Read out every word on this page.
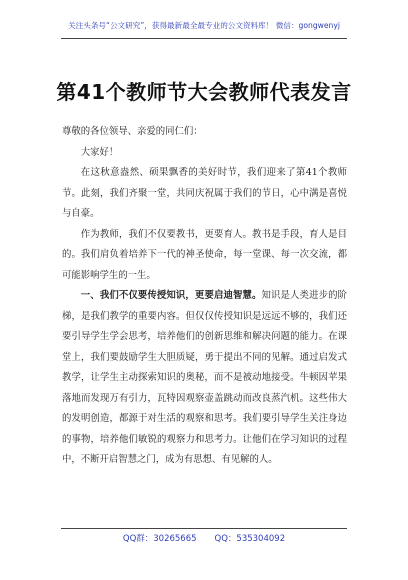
关注头条号“公文研究”，获得最新最全最专业的公文资料库！ 微信：gongwenyj
第41个教师节大会教师代表发言

尊敬的各位领导、亲爱的同仁们：

大家好！

在这秋意盎然、硕果飘香的美好时节，我们迎来了第41个教师节。此刻，我们齐聚一堂，共同庆祝属于我们的节日，心中满是喜悦与自豪。

作为教师，我们不仅要教书，更要育人。教书是手段，育人是目的。我们肩负着培养下一代的神圣使命，每一堂课、每一次交流，都可能影响学生的一生。

一、我们不仅要传授知识，更要启迪智慧。知识是人类进步的阶梯，是我们教学的重要内容。但仅仅传授知识是远远不够的，我们还要引导学生学会思考，培养他们的创新思维和解决问题的能力。在课堂上，我们要鼓励学生大胆质疑，勇于提出不同的见解。通过启发式教学，让学生主动探索知识的奥秘，而不是被动地接受。牛顿因苹果落地而发现万有引力，瓦特因观察壶盖跳动而改良蒸汽机。这些伟大的发明创造，都源于对生活的观察和思考。我们要引导学生关注身边的事物，培养他们敏锐的观察力和思考力。让他们在学习知识的过程中，不断开启智慧之门，成为有思想、有见解的人。

QQ群：30265665 QQ：535304092
